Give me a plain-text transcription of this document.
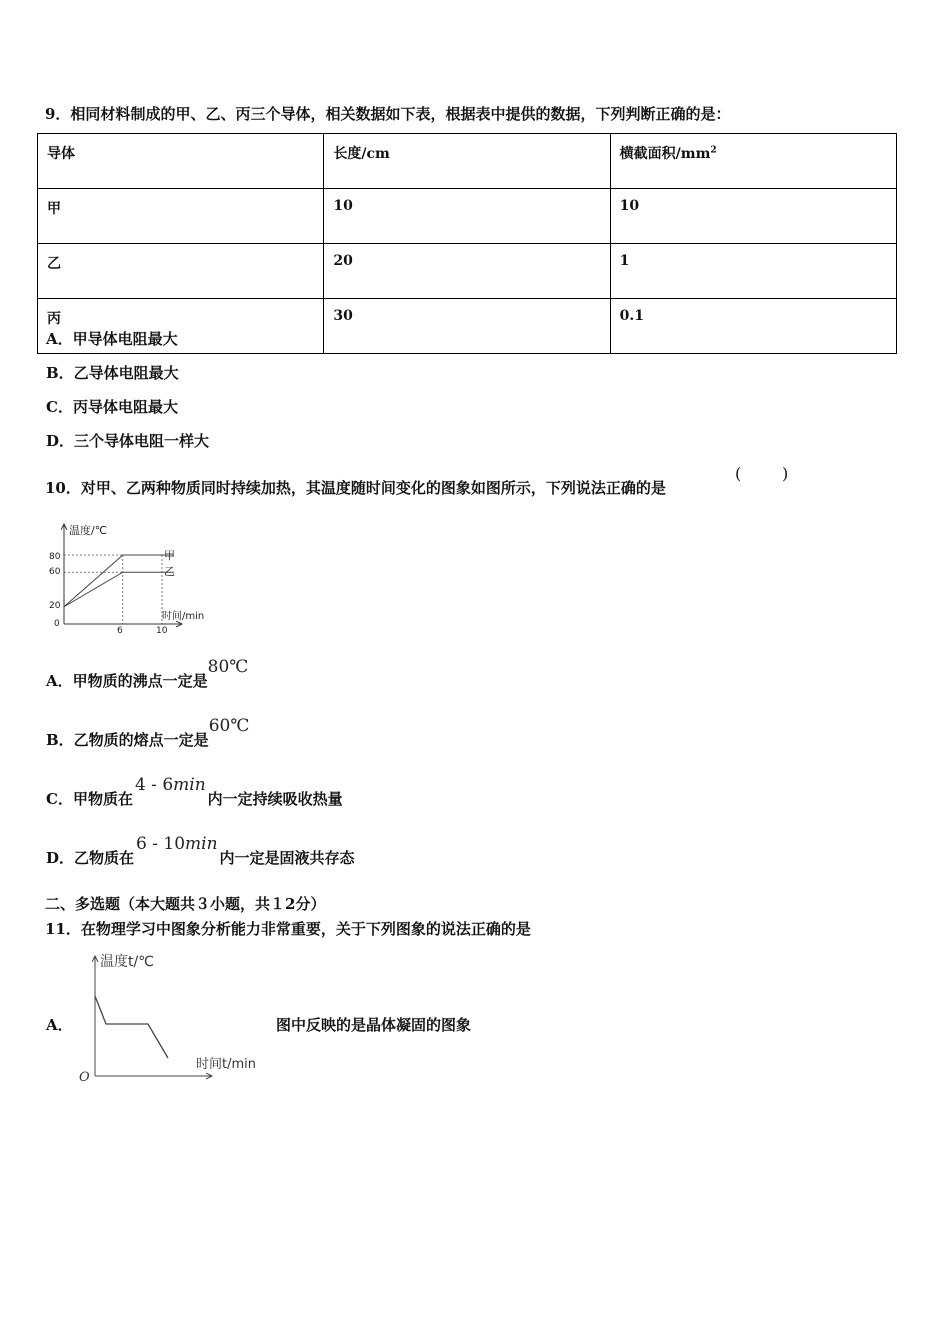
9．相同材料制成的甲、乙、丙三个导体，相关数据如下表，根据表中提供的数据，下列判断正确的是：
导体	长度/cm	横截面积$/mm^2$
甲	10	10
乙	20	1
丙	30	0.1
A．甲导体电阻最大
B．乙导体电阻最大
C．丙导体电阻最大
D．三个导体电阻一样大
10．对甲、乙两种物质同时持续加热，其温度随时间变化的图象如图所示，下列说法正确的是
(	)
温度/℃
时间/min
80
60
20
0
6	10
甲
乙
A．甲物质的沸点一定是80℃
B．乙物质的熔点一定是60℃
C．甲物质在4 - 6min内一定持续吸收热量
D．乙物质在6 - 10min内一定是固液共存态
二、多选题（本大题共３小题，共１2分）
11．在物理学习中图象分析能力非常重要，关于下列图象的说法正确的是
A．
温度t/℃
时间t/min
O
图中反映的是晶体凝固的图象
